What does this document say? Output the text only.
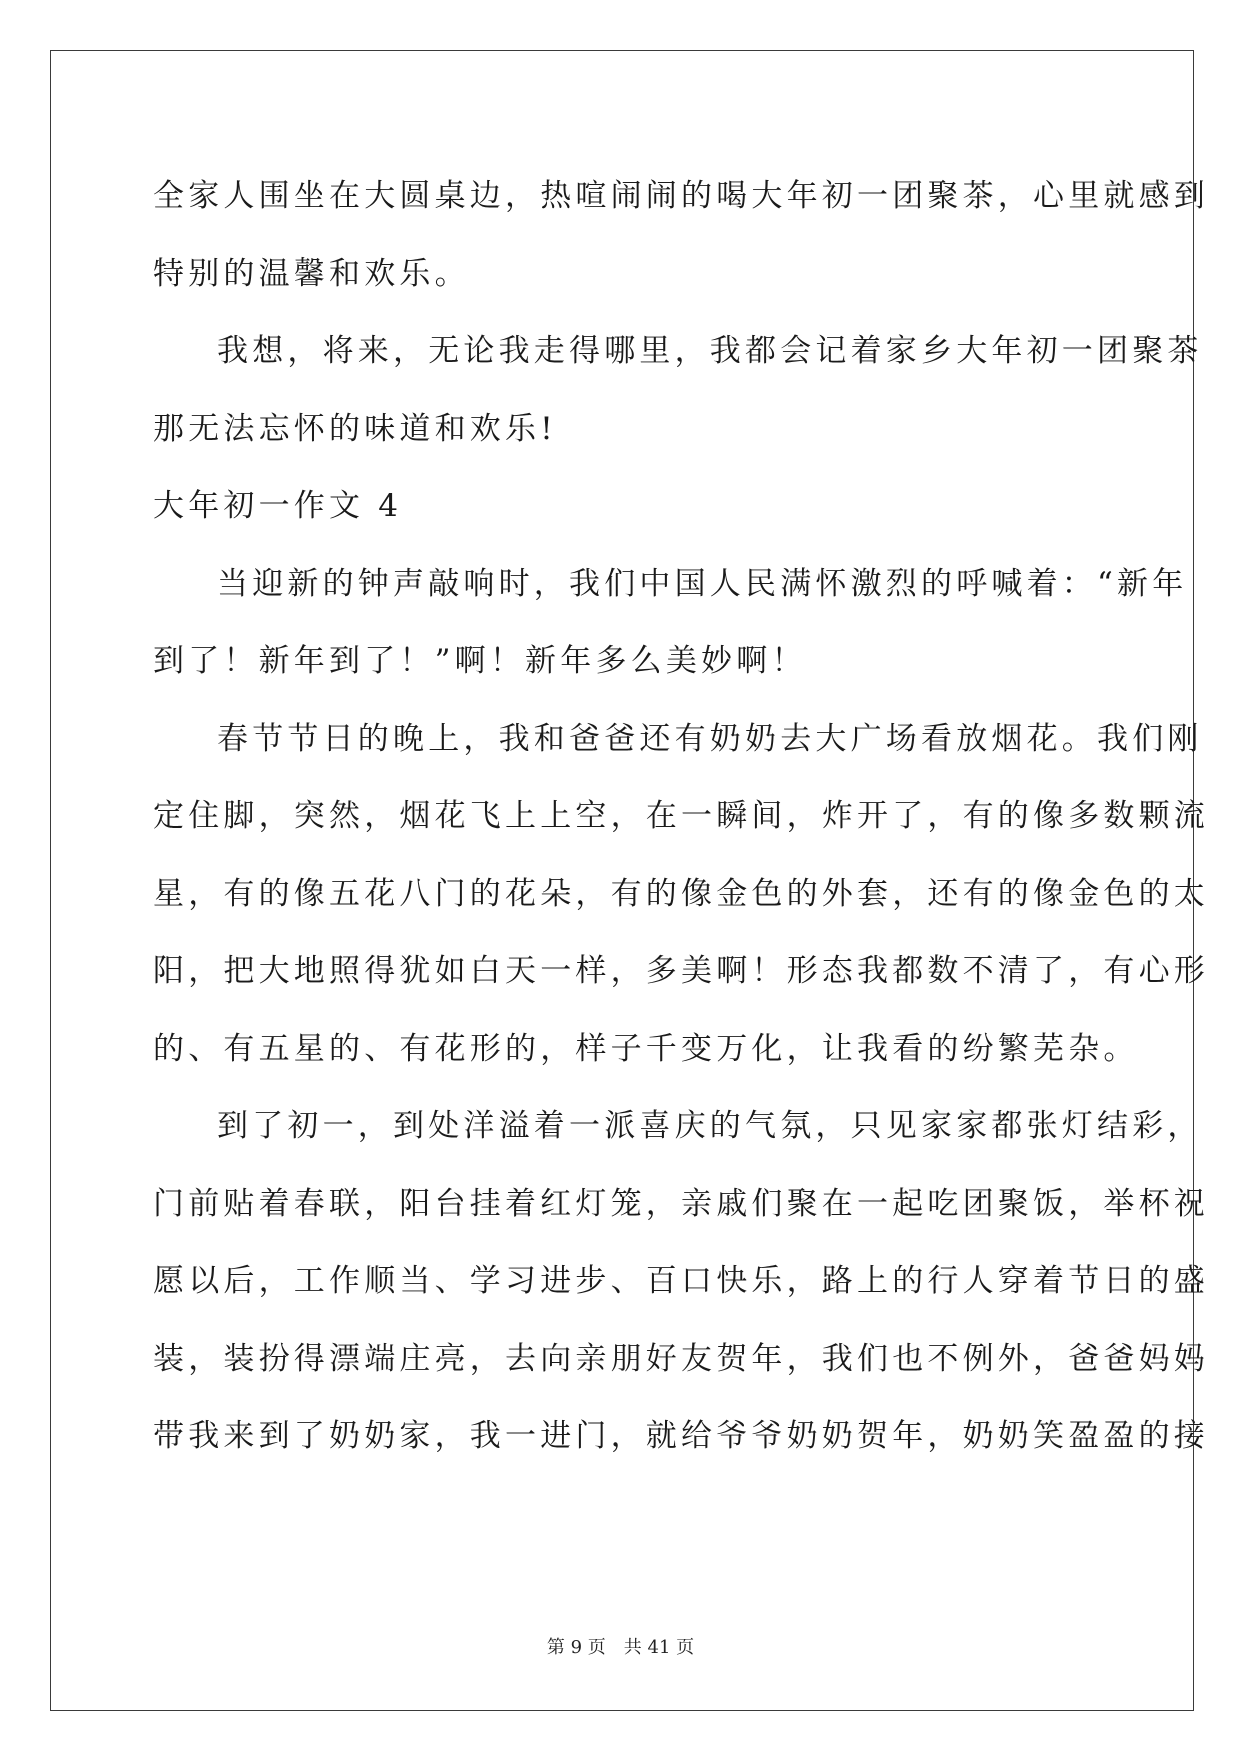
全家人围坐在大圆桌边，热喧闹闹的喝大年初一团聚茶，心里就感到

特别的温馨和欢乐。

我想，将来，无论我走得哪里，我都会记着家乡大年初一团聚茶

那无法忘怀的味道和欢乐!

大年初一作文 4

当迎新的钟声敲响时，我们中国人民满怀激烈的呼喊着：“新年

到了！新年到了！”啊！新年多么美妙啊！

春节节日的晚上，我和爸爸还有奶奶去大广场看放烟花。我们刚

定住脚，突然，烟花飞上上空，在一瞬间，炸开了，有的像多数颗流

星，有的像五花八门的花朵，有的像金色的外套，还有的像金色的太

阳，把大地照得犹如白天一样，多美啊！形态我都数不清了，有心形

的、有五星的、有花形的，样子千变万化，让我看的纷繁芜杂。

到了初一，到处洋溢着一派喜庆的气氛，只见家家都张灯结彩，

门前贴着春联，阳台挂着红灯笼，亲戚们聚在一起吃团聚饭，举杯祝

愿以后，工作顺当、学习进步、百口快乐，路上的行人穿着节日的盛

装，装扮得漂端庄亮，去向亲朋好友贺年，我们也不例外，爸爸妈妈

带我来到了奶奶家，我一进门，就给爷爷奶奶贺年，奶奶笑盈盈的接

第 9 页 共 41 页
